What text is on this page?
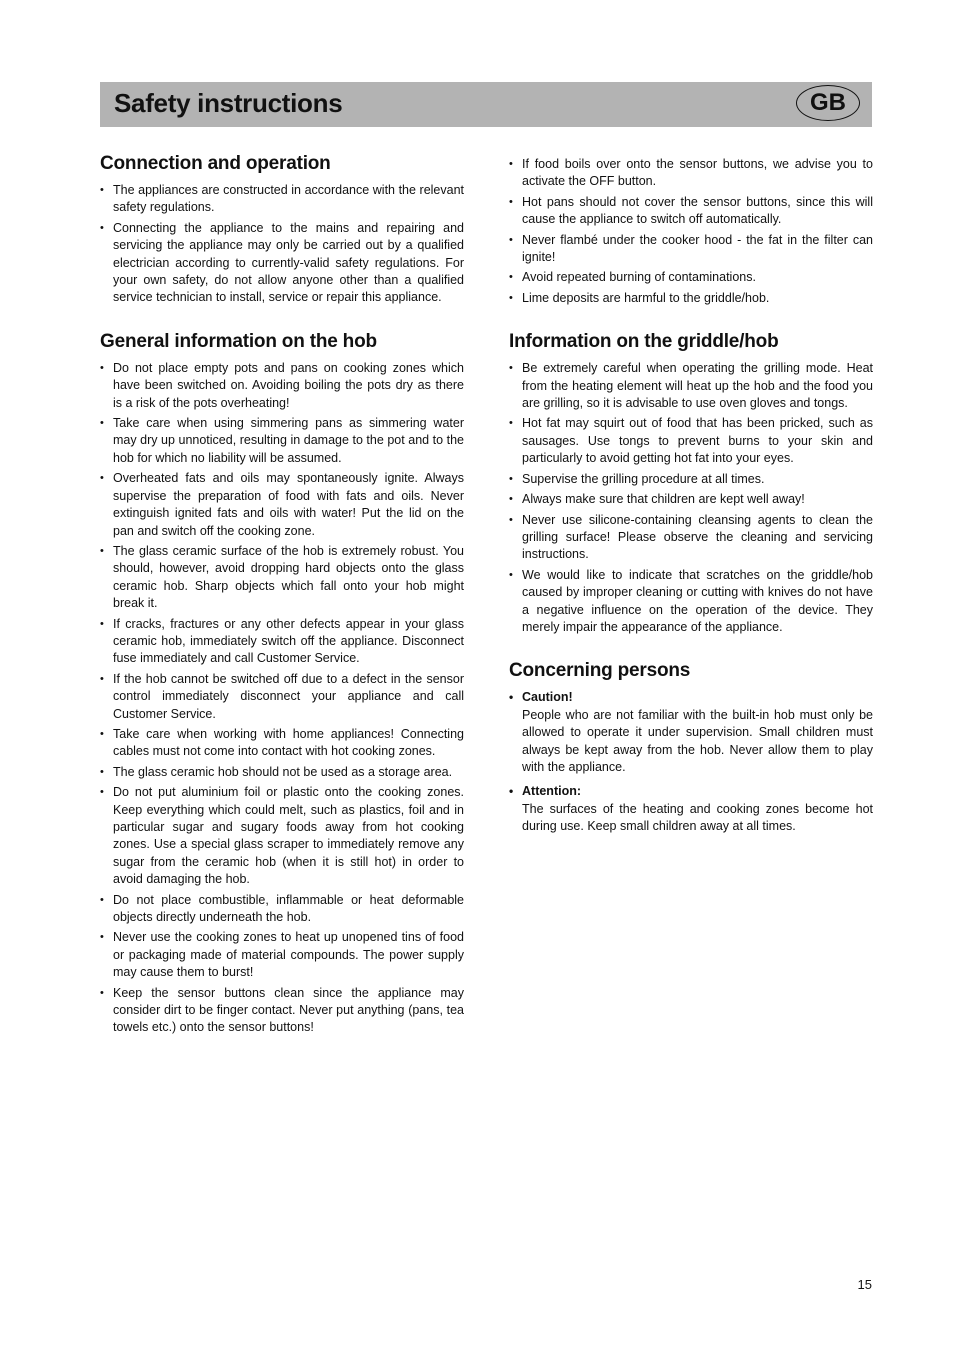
Safety instructions	GB
Connection and operation
• The appliances are constructed in accordance with the relevant safety regulations.
• Connecting the appliance to the mains and repairing and servicing the appliance may only be carried out by a qualified electrician according to currently-valid safety regulations. For your own safety, do not allow anyone other than a qualified service technician to install, service or repair this appliance.
General information on the hob
• Do not place empty pots and pans on cooking zones which have been switched on. Avoiding boiling the pots dry as there is a risk of the pots overheating!
• Take care when using simmering pans as simmering water may dry up unnoticed, resulting in damage to the pot and to the hob for which no liability will be assumed.
• Overheated fats and oils may spontaneously ignite. Always supervise the preparation of food with fats and oils. Never extinguish ignited fats and oils with water! Put the lid on the pan and switch off the cooking zone.
• The glass ceramic surface of the hob is extremely robust. You should, however, avoid dropping hard objects onto the glass ceramic hob. Sharp objects which fall onto your hob might break it.
• If cracks, fractures or any other defects appear in your glass ceramic hob, immediately switch off the appliance. Disconnect fuse immediately and call Customer Service.
• If the hob cannot be switched off due to a defect in the sensor control immediately disconnect your appliance and call Customer Service.
• Take care when working with home appliances! Connecting cables must not come into contact with hot cooking zones.
• The glass ceramic hob should not be used as a storage area.
• Do not put aluminium foil or plastic onto the cooking zones. Keep everything which could melt, such as plastics, foil and in particular sugar and sugary foods away from hot cooking zones. Use a special glass scraper to immediately remove any sugar from the ceramic hob (when it is still hot) in order to avoid damaging the hob.
• Do not place combustible, inflammable or heat deformable objects directly underneath the hob.
• Never use the cooking zones to heat up unopened tins of food or packaging made of material compounds. The power supply may cause them to burst!
• Keep the sensor buttons clean since the appliance may consider dirt to be finger contact. Never put anything (pans, tea towels etc.) onto the sensor buttons!
• If food boils over onto the sensor buttons, we advise you to activate the OFF button.
• Hot pans should not cover the sensor buttons, since this will cause the appliance to switch off automatically.
• Never flambé under the cooker hood - the fat in the filter can ignite!
• Avoid repeated burning of contaminations.
• Lime deposits are harmful to the griddle/hob.
Information on the griddle/hob
• Be extremely careful when operating the grilling mode. Heat from the heating element will heat up the hob and the food you are grilling, so it is advisable to use oven gloves and tongs.
• Hot fat may squirt out of food that has been pricked, such as sausages. Use tongs to prevent burns to your skin and particularly to avoid getting hot fat into your eyes.
• Supervise the grilling procedure at all times.
• Always make sure that children are kept well away!
• Never use silicone-containing cleansing agents to clean the grilling surface! Please observe the cleaning and servicing instructions.
• We would like to indicate that scratches on the griddle/hob caused by improper cleaning or cutting with knives do not have a negative influence on the operation of the device. They merely impair the appearance of the appliance.
Concerning persons
• Caution!
People who are not familiar with the built-in hob must only be allowed to operate it under supervision. Small children must always be kept away from the hob. Never allow them to play with the appliance.
• Attention:
The surfaces of the heating and cooking zones become hot during use. Keep small children away at all times.
15
